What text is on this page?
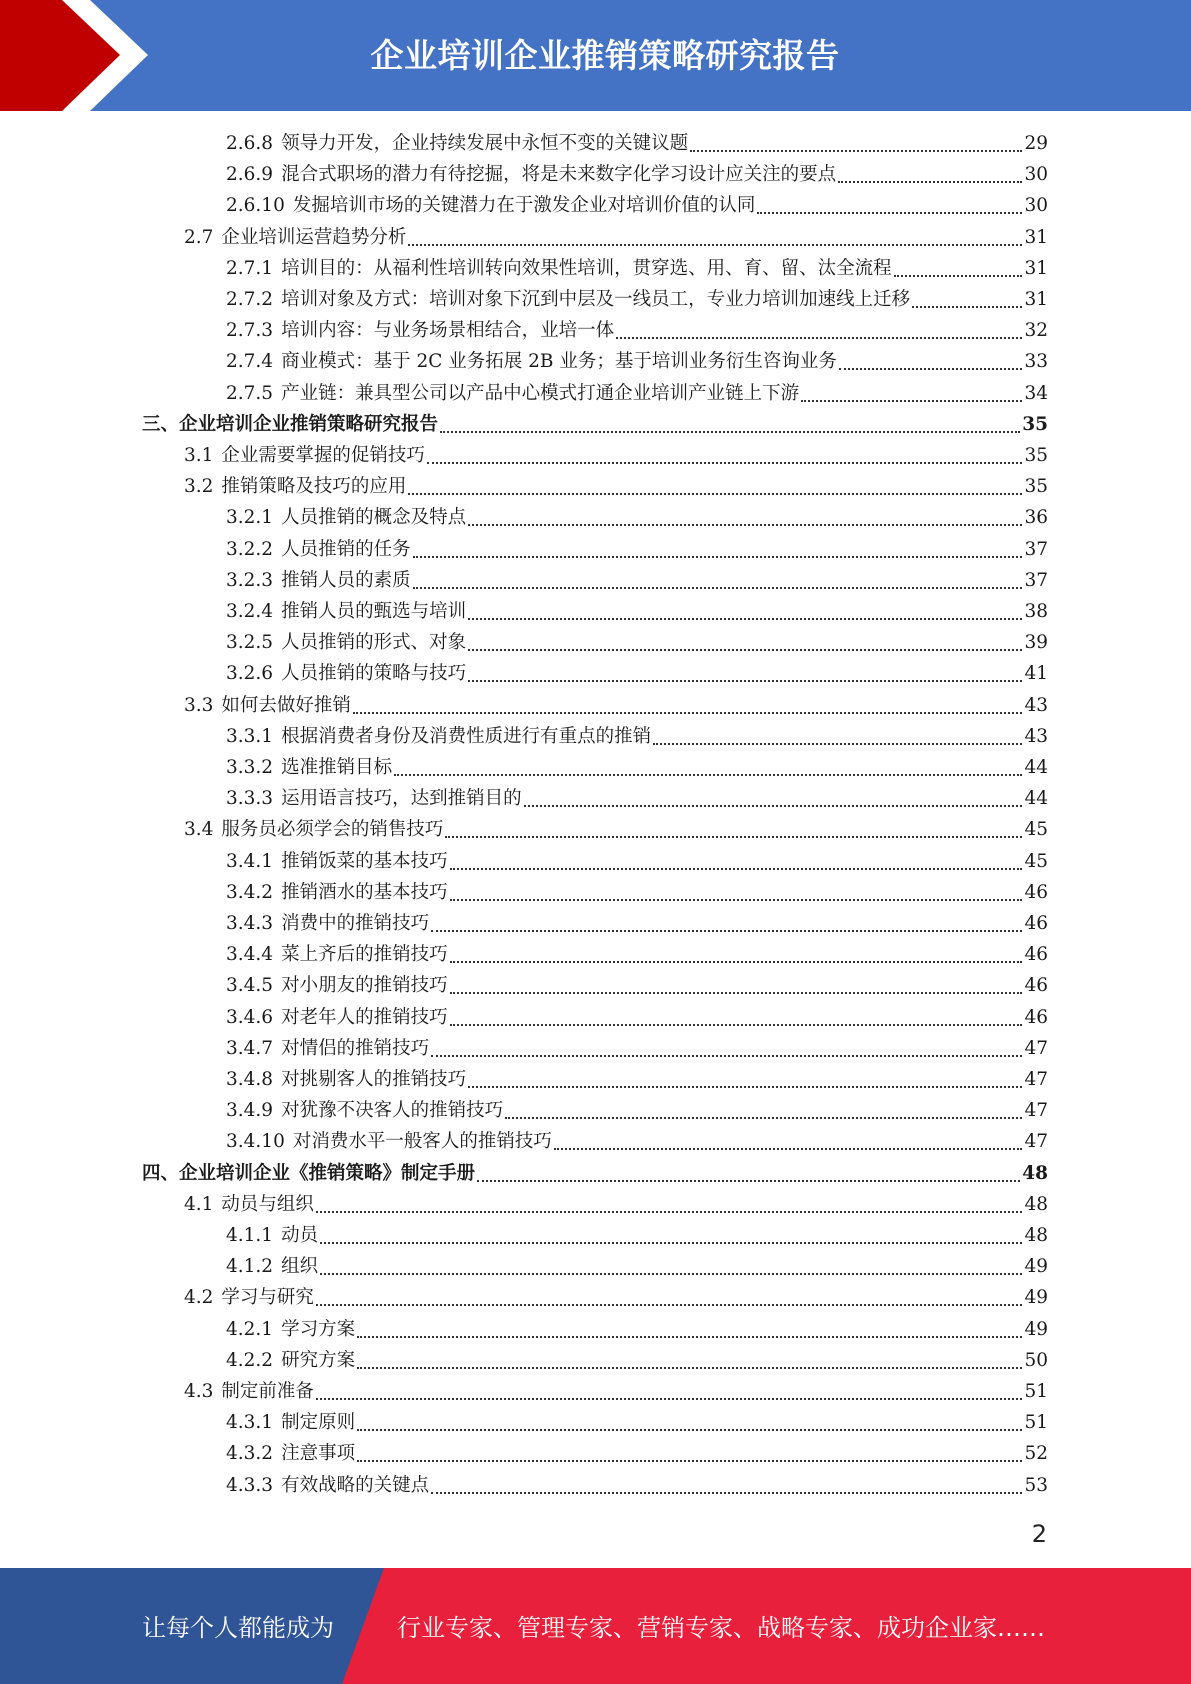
企业培训企业推销策略研究报告
2.6.8 领导力开发，企业持续发展中永恒不变的关键议题	29
2.6.9 混合式职场的潜力有待挖掘，将是未来数字化学习设计应关注的要点	30
2.6.10 发掘培训市场的关键潜力在于激发企业对培训价值的认同	30
2.7 企业培训运营趋势分析	31
2.7.1 培训目的：从福利性培训转向效果性培训，贯穿选、用、育、留、汰全流程	31
2.7.2 培训对象及方式：培训对象下沉到中层及一线员工，专业力培训加速线上迁移	31
2.7.3 培训内容：与业务场景相结合，业培一体	32
2.7.4 商业模式：基于 2C 业务拓展 2B 业务；基于培训业务衍生咨询业务	33
2.7.5 产业链：兼具型公司以产品中心模式打通企业培训产业链上下游	34
三、 企业培训企业推销策略研究报告	35
3.1 企业需要掌握的促销技巧	35
3.2 推销策略及技巧的应用	35
3.2.1 人员推销的概念及特点	36
3.2.2 人员推销的任务	37
3.2.3 推销人员的素质	37
3.2.4 推销人员的甄选与培训	38
3.2.5 人员推销的形式、对象	39
3.2.6 人员推销的策略与技巧	41
3.3 如何去做好推销	43
3.3.1 根据消费者身份及消费性质进行有重点的推销	43
3.3.2 选准推销目标	44
3.3.3 运用语言技巧，达到推销目的	44
3.4 服务员必须学会的销售技巧	45
3.4.1 推销饭菜的基本技巧	45
3.4.2 推销酒水的基本技巧	46
3.4.3 消费中的推销技巧	46
3.4.4 菜上齐后的推销技巧	46
3.4.5 对小朋友的推销技巧	46
3.4.6 对老年人的推销技巧	46
3.4.7 对情侣的推销技巧	47
3.4.8 对挑剔客人的推销技巧	47
3.4.9 对犹豫不决客人的推销技巧	47
3.4.10 对消费水平一般客人的推销技巧	47
四、 企业培训企业《推销策略》制定手册	48
4.1 动员与组织	48
4.1.1 动员	48
4.1.2 组织	49
4.2 学习与研究	49
4.2.1 学习方案	49
4.2.2 研究方案	50
4.3 制定前准备	51
4.3.1 制定原则	51
4.3.2 注意事项	52
4.3.3 有效战略的关键点	53
2
让每个人都能成为	行业专家、管理专家、营销专家、战略专家、成功企业家……
